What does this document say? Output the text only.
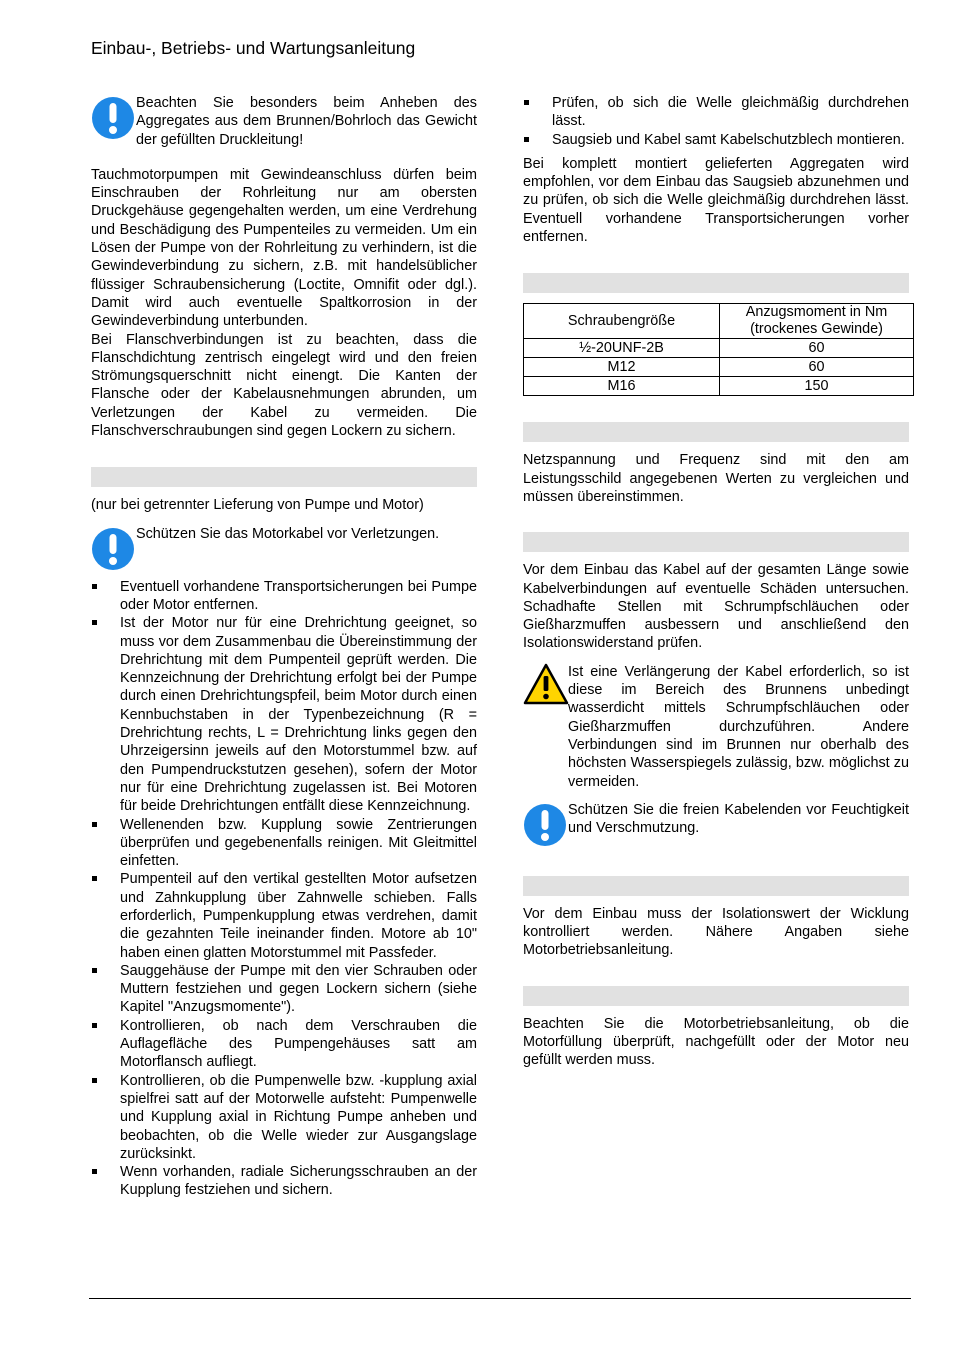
Einbau-, Betriebs- und Wartungsanleitung

Beachten Sie besonders beim Anheben des Aggregates aus dem Brunnen/Bohrloch das Gewicht der gefüllten Druckleitung!

Tauchmotorpumpen mit Gewindeanschluss dürfen beim Einschrauben der Rohrleitung nur am obersten Druckgehäuse gegengehalten werden, um eine Verdrehung und Beschädigung des Pumpenteiles zu vermeiden. Um ein Lösen der Pumpe von der Rohrleitung zu verhindern, ist die Gewindeverbindung zu sichern, z.B. mit handelsüblicher flüssiger Schraubensicherung (Loctite, Omnifit oder dgl.). Damit wird auch eventuelle Spaltkorrosion in der Gewindeverbindung unterbunden.

Bei Flanschverbindungen ist zu beachten, dass die Flanschdichtung zentrisch eingelegt wird und den freien Strömungsquerschnitt nicht einengt. Die Kanten der Flansche oder der Kabelausnehmungen abrunden, um Verletzungen der Kabel zu vermeiden. Die Flanschverschraubungen sind gegen Lockern zu sichern.

(nur bei getrennter Lieferung von Pumpe und Motor)

Schützen Sie das Motorkabel vor Verletzungen.

Eventuell vorhandene Transportsicherungen bei Pumpe oder Motor entfernen.
Ist der Motor nur für eine Drehrichtung geeignet, so muss vor dem Zusammenbau die Übereinstimmung der Drehrichtung mit dem Pumpenteil geprüft werden. Die Kennzeichnung der Drehrichtung erfolgt bei der Pumpe durch einen Drehrichtungspfeil, beim Motor durch einen Kennbuchstaben in der Typenbezeichnung (R = Drehrichtung rechts, L = Drehrichtung links gegen den Uhrzeigersinn jeweils auf den Motorstummel bzw. auf den Pumpendruckstutzen gesehen), sofern der Motor nur für eine Drehrichtung zugelassen ist. Bei Motoren für beide Drehrichtungen entfällt diese Kennzeichnung.
Wellenenden bzw. Kupplung sowie Zentrierungen überprüfen und gegebenenfalls reinigen. Mit Gleitmittel einfetten.
Pumpenteil auf den vertikal gestellten Motor aufsetzen und Zahnkupplung über Zahnwelle schieben. Falls erforderlich, Pumpenkupplung etwas verdrehen, damit die gezahnten Teile ineinander finden. Motore ab 10" haben einen glatten Motorstummel mit Passfeder.
Sauggehäuse der Pumpe mit den vier Schrauben oder Muttern festziehen und gegen Lockern sichern (siehe Kapitel "Anzugsmomente").
Kontrollieren, ob nach dem Verschrauben die Auflagefläche des Pumpengehäuses satt am Motorflansch aufliegt.
Kontrollieren, ob die Pumpenwelle bzw. -kupplung axial spielfrei satt auf der Motorwelle aufsteht: Pumpenwelle und Kupplung axial in Richtung Pumpe anheben und beobachten, ob die Welle wieder zur Ausgangslage zurücksinkt.
Wenn vorhanden, radiale Sicherungsschrauben an der Kupplung festziehen und sichern.
Prüfen, ob sich die Welle gleichmäßig durchdrehen lässt.
Saugsieb und Kabel samt Kabelschutzblech montieren.

Bei komplett montiert gelieferten Aggregaten wird empfohlen, vor dem Einbau das Saugsieb abzunehmen und zu prüfen, ob sich die Welle gleichmäßig durchdrehen lässt. Eventuell vorhandene Transportsicherungen vorher entfernen.

Schraubengröße	Anzugsmoment in Nm (trockenes Gewinde)
½-20UNF-2B	60
M12	60
M16	150

Netzspannung und Frequenz sind mit den am Leistungsschild angegebenen Werten zu vergleichen und müssen übereinstimmen.

Vor dem Einbau das Kabel auf der gesamten Länge sowie Kabelverbindungen auf eventuelle Schäden untersuchen. Schadhafte Stellen mit Schrumpfschläuchen oder Gießharzmuffen ausbessern und anschließend den Isolationswiderstand prüfen.

Ist eine Verlängerung der Kabel erforderlich, so ist diese im Bereich des Brunnens unbedingt wasserdicht mittels Schrumpfschläuchen oder Gießharzmuffen durchzuführen. Andere Verbindungen sind im Brunnen nur oberhalb des höchsten Wasserspiegels zulässig, bzw. möglichst zu vermeiden.

Schützen Sie die freien Kabelenden vor Feuchtigkeit und Verschmutzung.

Vor dem Einbau muss der Isolationswert der Wicklung kontrolliert werden. Nähere Angaben siehe Motorbetriebsanleitung.

Beachten Sie die Motorbetriebsanleitung, ob die Motorfüllung überprüft, nachgefüllt oder der Motor neu gefüllt werden muss.
